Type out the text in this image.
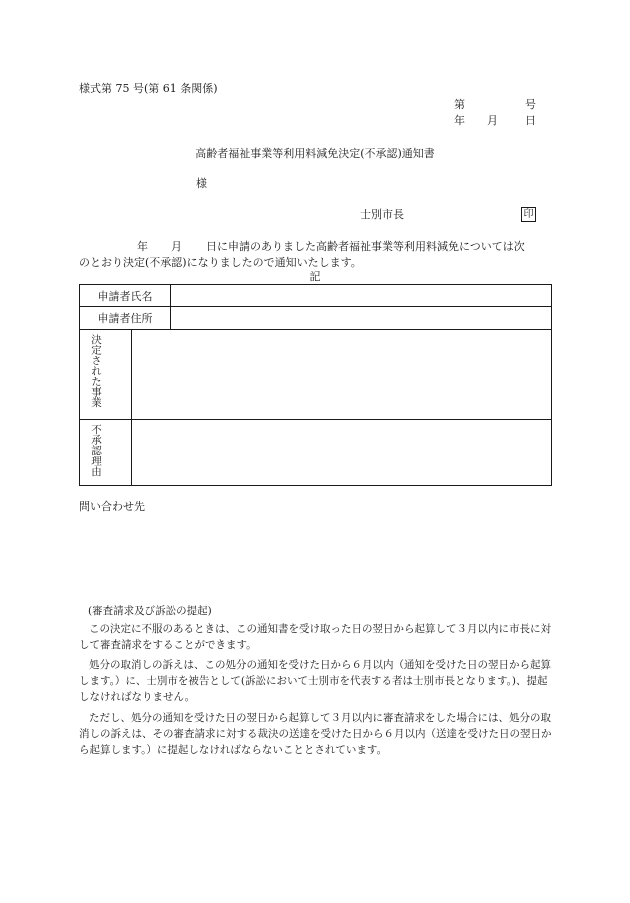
様式第 75 号(第 61 条関係)
第	号
年 月 日
高齢者福祉事業等利用料減免決定(不承認)通知書
様
士別市長	印
年 月 日に申請のありました高齢者福祉事業等利用料減免については次
のとおり決定(不承認)になりましたので通知いたします。
記
申請者氏名		
申請者住所		

決定された事業		

不承認理由		

問い合わせ先
(審査請求及び訴訟の提起)

この決定に不服のあるときは、この通知書を受け取った日の翌日から起算して３月以内に市長に対して審査請求をすることができます。

処分の取消しの訴えは、この処分の通知を受けた日から６月以内（通知を受けた日の翌日から起算します。）に、士別市を被告として(訴訟において士別市を代表する者は士別市長となります。)、提起しなければなりません。

ただし、処分の通知を受けた日の翌日から起算して３月以内に審査請求をした場合には、処分の取消しの訴えは、その審査請求に対する裁決の送達を受けた日から６月以内（送達を受けた日の翌日から起算します。）に提起しなければならないこととされています。
